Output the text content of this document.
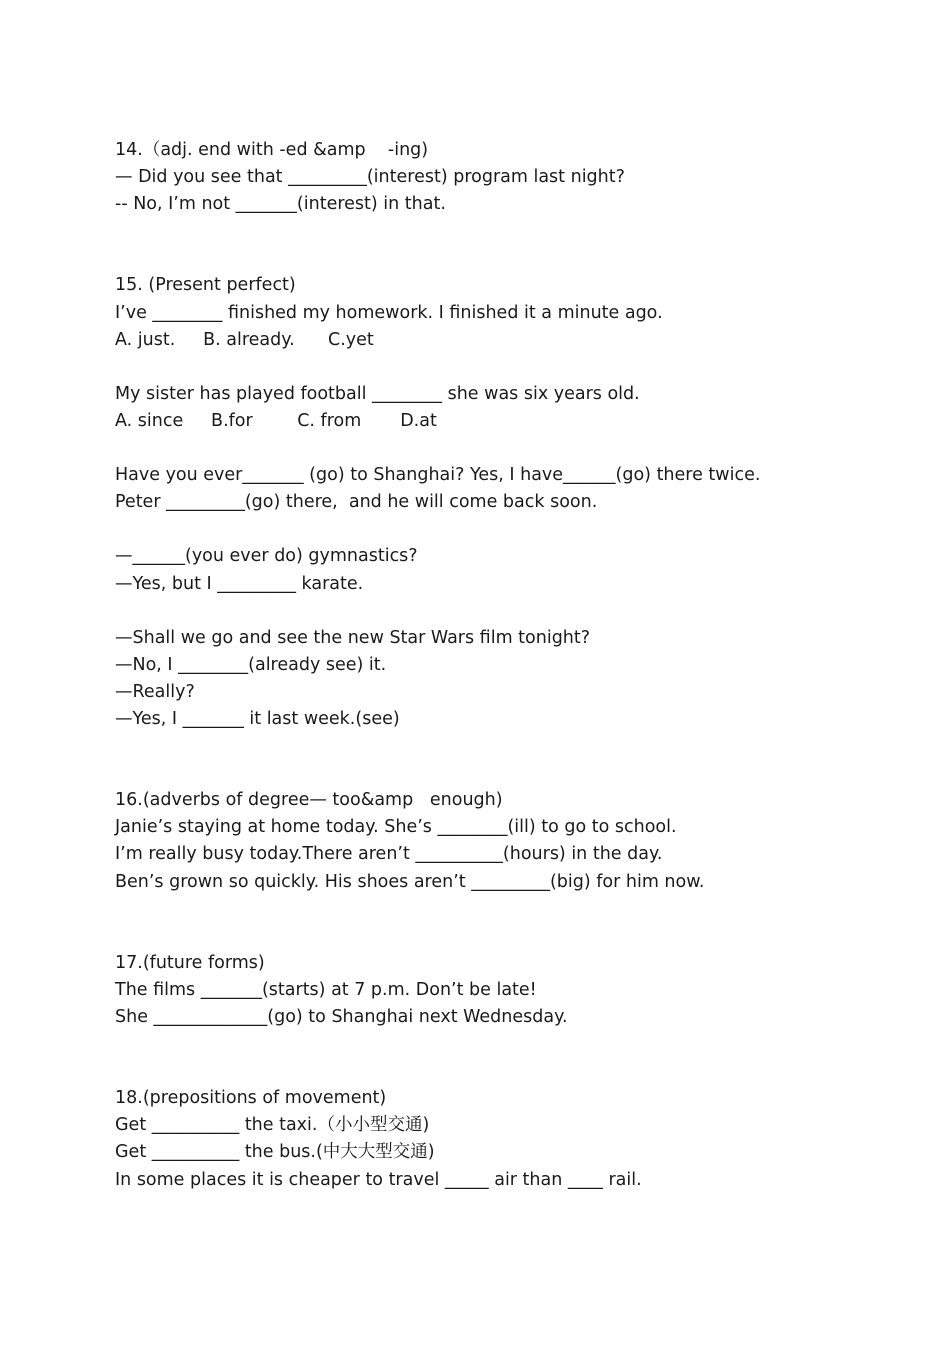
14.（adj. end with -ed &amp    -ing)
— Did you see that _________(interest) program last night?
-- No, I’m not _______(interest) in that.
15. (Present perfect)
I’ve ________ finished my homework. I finished it a minute ago.
A. just.     B. already.      C.yet
My sister has played football ________ she was six years old.
A. since     B.for        C. from       D.at
Have you ever_______ (go) to Shanghai? Yes, I have______(go) there twice.
Peter _________(go) there,  and he will come back soon.
—______(you ever do) gymnastics?
—Yes, but I _________ karate.
—Shall we go and see the new Star Wars film tonight?
—No, I ________(already see) it.
—Really?
—Yes, I _______ it last week.(see)
16.(adverbs of degree— too&amp   enough)
Janie’s staying at home today. She’s ________(ill) to go to school.
I’m really busy today.There aren’t __________(hours) in the day.
Ben’s grown so quickly. His shoes aren’t _________(big) for him now.
17.(future forms)
The films _______(starts) at 7 p.m. Don’t be late!
She _____________(go) to Shanghai next Wednesday.
18.(prepositions of movement)
Get __________ the taxi.（小小型交通)
Get __________ the bus.(中大大型交通)
In some places it is cheaper to travel _____ air than ____ rail.
